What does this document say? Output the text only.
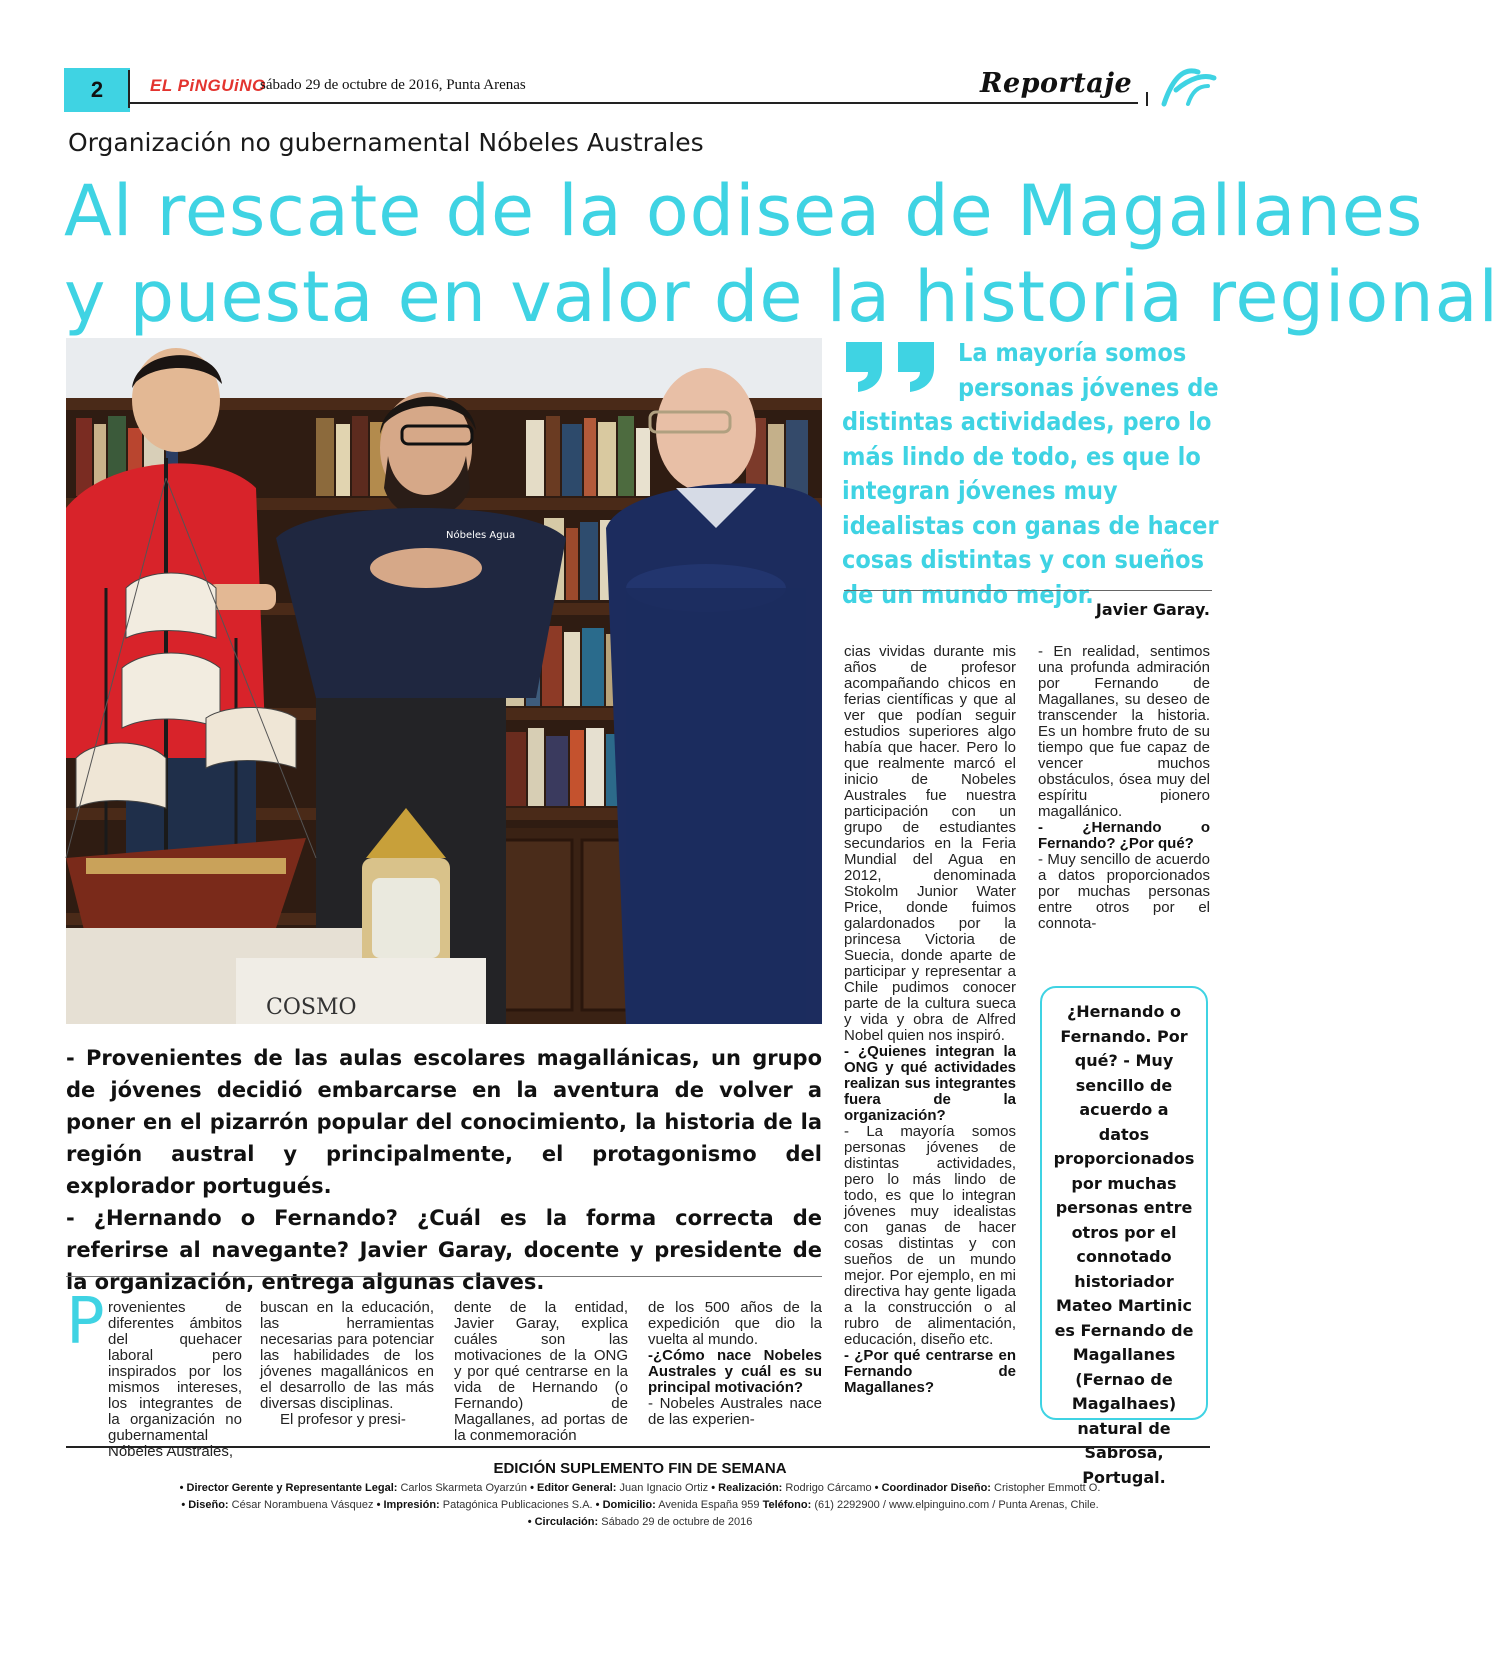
2	EL PiNGUiNO
sábado 29 de octubre de 2016, Punta Arenas	Reportaje
Organización no gubernamental Nóbeles Australes
Al rescate de la odisea de Magallanes
y puesta en valor de la historia regional
Nóbeles Agua
COSMO
La mayoría somos
personas jóvenes de
distintas actividades, pero lo más lindo de todo, es que lo integran jóvenes muy idealistas con ganas de hacer cosas distintas y con sueños de un mundo mejor.
Javier Garay.

- Provenientes de las aulas escolares magallánicas, un grupo de jóvenes decidió embarcarse en la aventura de volver a poner en el pizarrón popular del conocimiento, la historia de la región austral y principalmente, el protagonismo del explorador portugués.

- ¿Hernando o Fernando? ¿Cuál es la forma correcta de referirse al navegante? Javier Garay, docente y presidente de la organización, entrega algunas claves.

P rovenientes de diferentes ámbitos del quehacer laboral pero inspirados por los mismos intereses, los integrantes de la organización no gubernamental Nóbeles Australes,

buscan en la educación, las herramientas necesarias para potenciar las habilidades de los jóvenes magallánicos en el desarrollo de las más diversas disciplinas.

El profesor y presi-

dente de la entidad, Javier Garay, explica cuáles son las motivaciones de la ONG y por qué centrarse en la vida de Hernando (o Fernando) de Magallanes, ad portas de la conmemoración

de los 500 años de la expedición que dio la vuelta al mundo.

-¿Cómo nace Nobeles Australes y cuál es su principal motivación?

- Nobeles Australes nace de las experien-

cias vividas durante mis años de profesor acompañando chicos en ferias científicas y que al ver que podían seguir estudios superiores algo había que hacer. Pero lo que realmente marcó el inicio de Nobeles Australes fue nuestra participación con un grupo de estudiantes secundarios en la Feria Mundial del Agua en 2012, denominada Stokolm Junior Water Price, donde fuimos galardonados por la princesa Victoria de Suecia, donde aparte de participar y representar a Chile pudimos conocer parte de la cultura sueca y vida y obra de Alfred Nobel quien nos inspiró.

- ¿Quienes integran la ONG y qué actividades realizan sus integrantes fuera de la organización?

- La mayoría somos personas jóvenes de distintas actividades, pero lo más lindo de todo, es que lo integran jóvenes muy idealistas con ganas de hacer cosas distintas y con sueños de un mundo mejor. Por ejemplo, en mi directiva hay gente ligada a la construcción o al rubro de alimentación, educación, diseño etc.

- ¿Por qué centrarse en Fernando de Magallanes?

- En realidad, sentimos una profunda admiración por Fernando de Magallanes, su deseo de transcender la historia. Es un hombre fruto de su tiempo que fue capaz de vencer muchos obstáculos, ósea muy del espíritu pionero magallánico.

- ¿Hernando o Fernando? ¿Por qué?

- Muy sencillo de acuerdo a datos proporcionados por muchas personas entre otros por el connota-

¿Hernando o Fernando. Por qué? - Muy sencillo de acuerdo a datos proporcionados por muchas personas entre otros por el connotado historiador Mateo Martinic es Fernando de Magallanes (Fernao de Magalhaes) natural de Sabrosa, Portugal.
EDICIÓN SUPLEMENTO FIN DE SEMANA
• Director Gerente y Representante Legal: Carlos Skarmeta Oyarzún • Editor General: Juan Ignacio Ortiz • Realización: Rodrigo Cárcamo • Coordinador Diseño: Cristopher Emmott O.
• Diseño: César Norambuena Vásquez • Impresión: Patagónica Publicaciones S.A. • Domicilio: Avenida España 959 Teléfono: (61) 2292900 / www.elpinguino.com / Punta Arenas, Chile.
• Circulación: Sábado 29 de octubre de 2016
